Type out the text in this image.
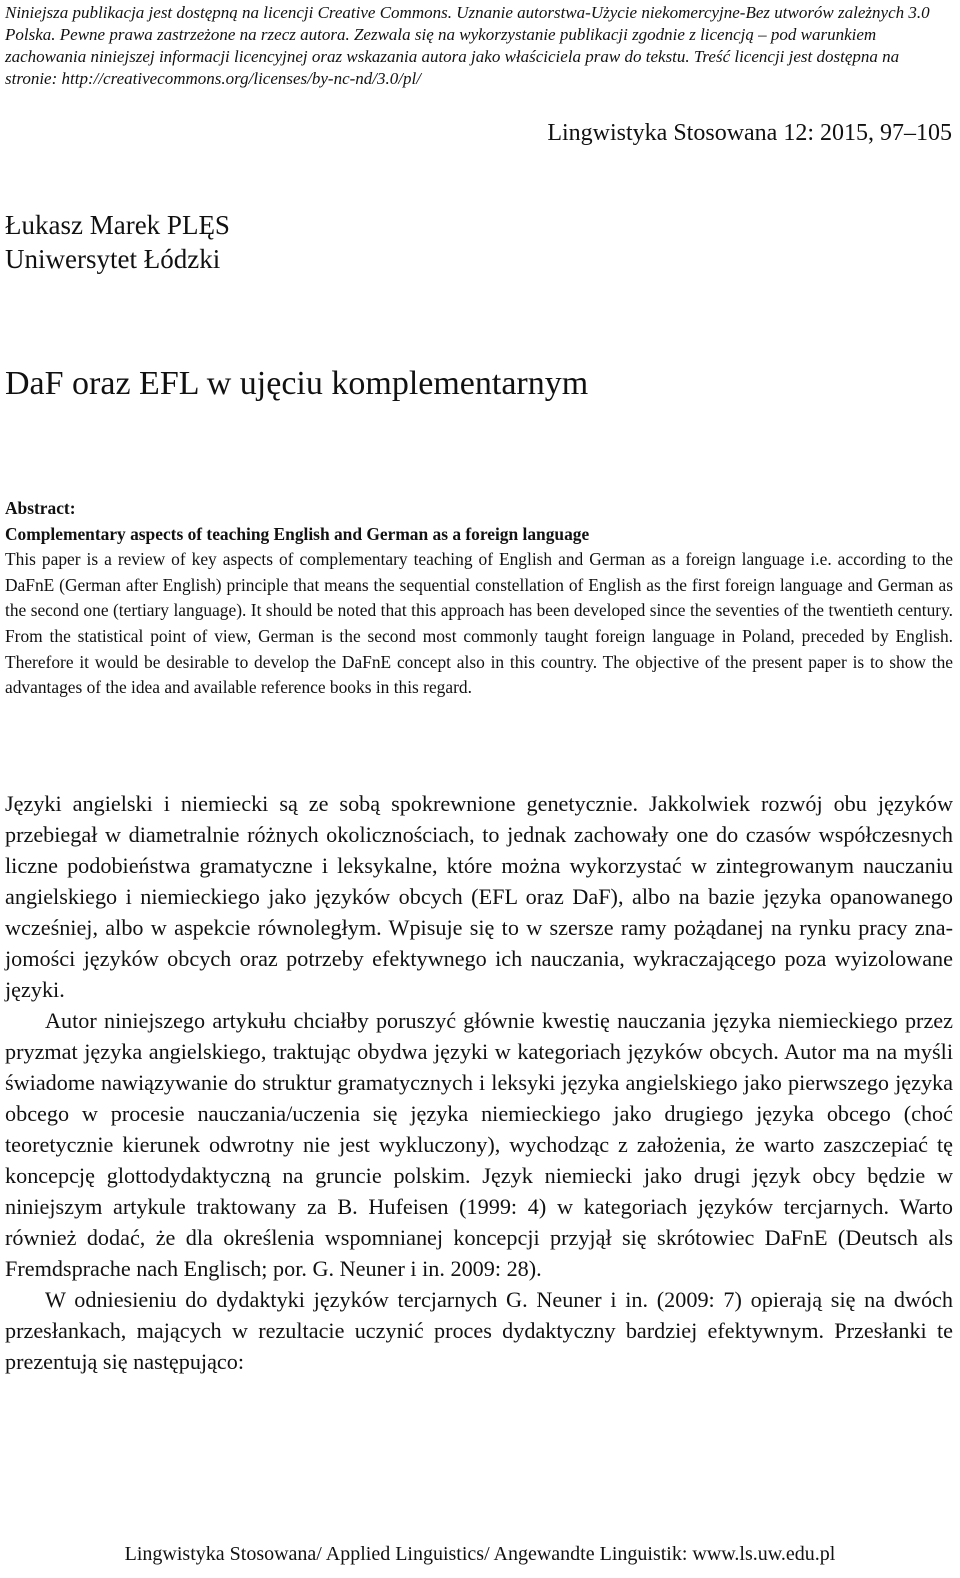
Niniejsza publikacja jest dostępną na licencji Creative Commons. Uznanie autorstwa-Użycie niekomercyjne-Bez utworów zależnych 3.0 Polska. Pewne prawa zastrzeżone na rzecz autora. Zezwala się na wykorzystanie publikacji zgodnie z licencją – pod warunkiem zachowania niniejszej informacji licencyjnej oraz wskazania autora jako właściciela praw do tekstu. Treść licencji jest dostępna na stronie: http://creativecommons.org/licenses/by-nc-nd/3.0/pl/

Lingwistyka Stosowana 12: 2015, 97–105

Łukasz Marek PLĘS

Uniwersytet Łódzki

DaF oraz EFL w ujęciu komplementarnym

Abstract:

Complementary aspects of teaching English and German as a foreign language

This paper is a review of key aspects of complementary teaching of English and German as a foreign language i.e. according to the DaFnE (German after English) principle that means the sequential constellation of English as the first foreign language and German as the second one (tertiary language). It should be noted that this approach has been developed since the seventies of the twentieth century. From the statistical point of view, German is the second most commonly taught foreign language in Poland, preceded by English. Therefore it would be desirable to develop the DaFnE concept also in this country. The objective of the present paper is to show the advantages of the idea and available reference books in this regard.

Języki angielski i niemiecki są ze sobą spokrewnione genetycznie. Jakkolwiek rozwój obu języków przebiegał w diametralnie różnych okolicznościach, to jednak zachowały one do czasów współczesnych liczne podobieństwa gramatyczne i leksykalne, które można wykorzystać w zintegrowanym nauczaniu angielskiego i niemieckiego jako języków obcych (EFL oraz DaF), albo na bazie języka opanowanego wcześniej, albo w aspekcie równoległym. Wpisuje się to w szersze ramy pożądanej na rynku pracy znajomości języków obcych oraz potrzeby efektywnego ich nauczania, wykraczającego poza wyizolowane języki.

Autor niniejszego artykułu chciałby poruszyć głównie kwestię nauczania języka niemieckiego przez pryzmat języka angielskiego, traktując obydwa języki w kategoriach języków obcych. Autor ma na myśli świadome nawiązywanie do struktur gramatycznych i leksyki języka angielskiego jako pierwszego języka obcego w procesie nauczania/uczenia się języka niemieckiego jako drugiego języka obcego (choć teoretycznie kierunek odwrotny nie jest wykluczony), wychodząc z założenia, że warto zaszczepiać tę koncepcję glottodydaktyczną na gruncie polskim. Język niemiecki jako drugi język obcy będzie w niniejszym artykule traktowany za B. Hufeisen (1999: 4) w kategoriach języków tercjarnych. Warto również dodać, że dla określenia wspomnianej koncepcji przyjął się skrótowiec DaFnE (Deutsch als Fremdsprache nach Englisch; por. G. Neuner i in. 2009: 28).

W odniesieniu do dydaktyki języków tercjarnych G. Neuner i in. (2009: 7) opierają się na dwóch przesłankach, mających w rezultacie uczynić proces dydaktyczny bardziej efektywnym. Przesłanki te prezentują się następująco:

Lingwistyka Stosowana/ Applied Linguistics/ Angewandte Linguistik: www.ls.uw.edu.pl
